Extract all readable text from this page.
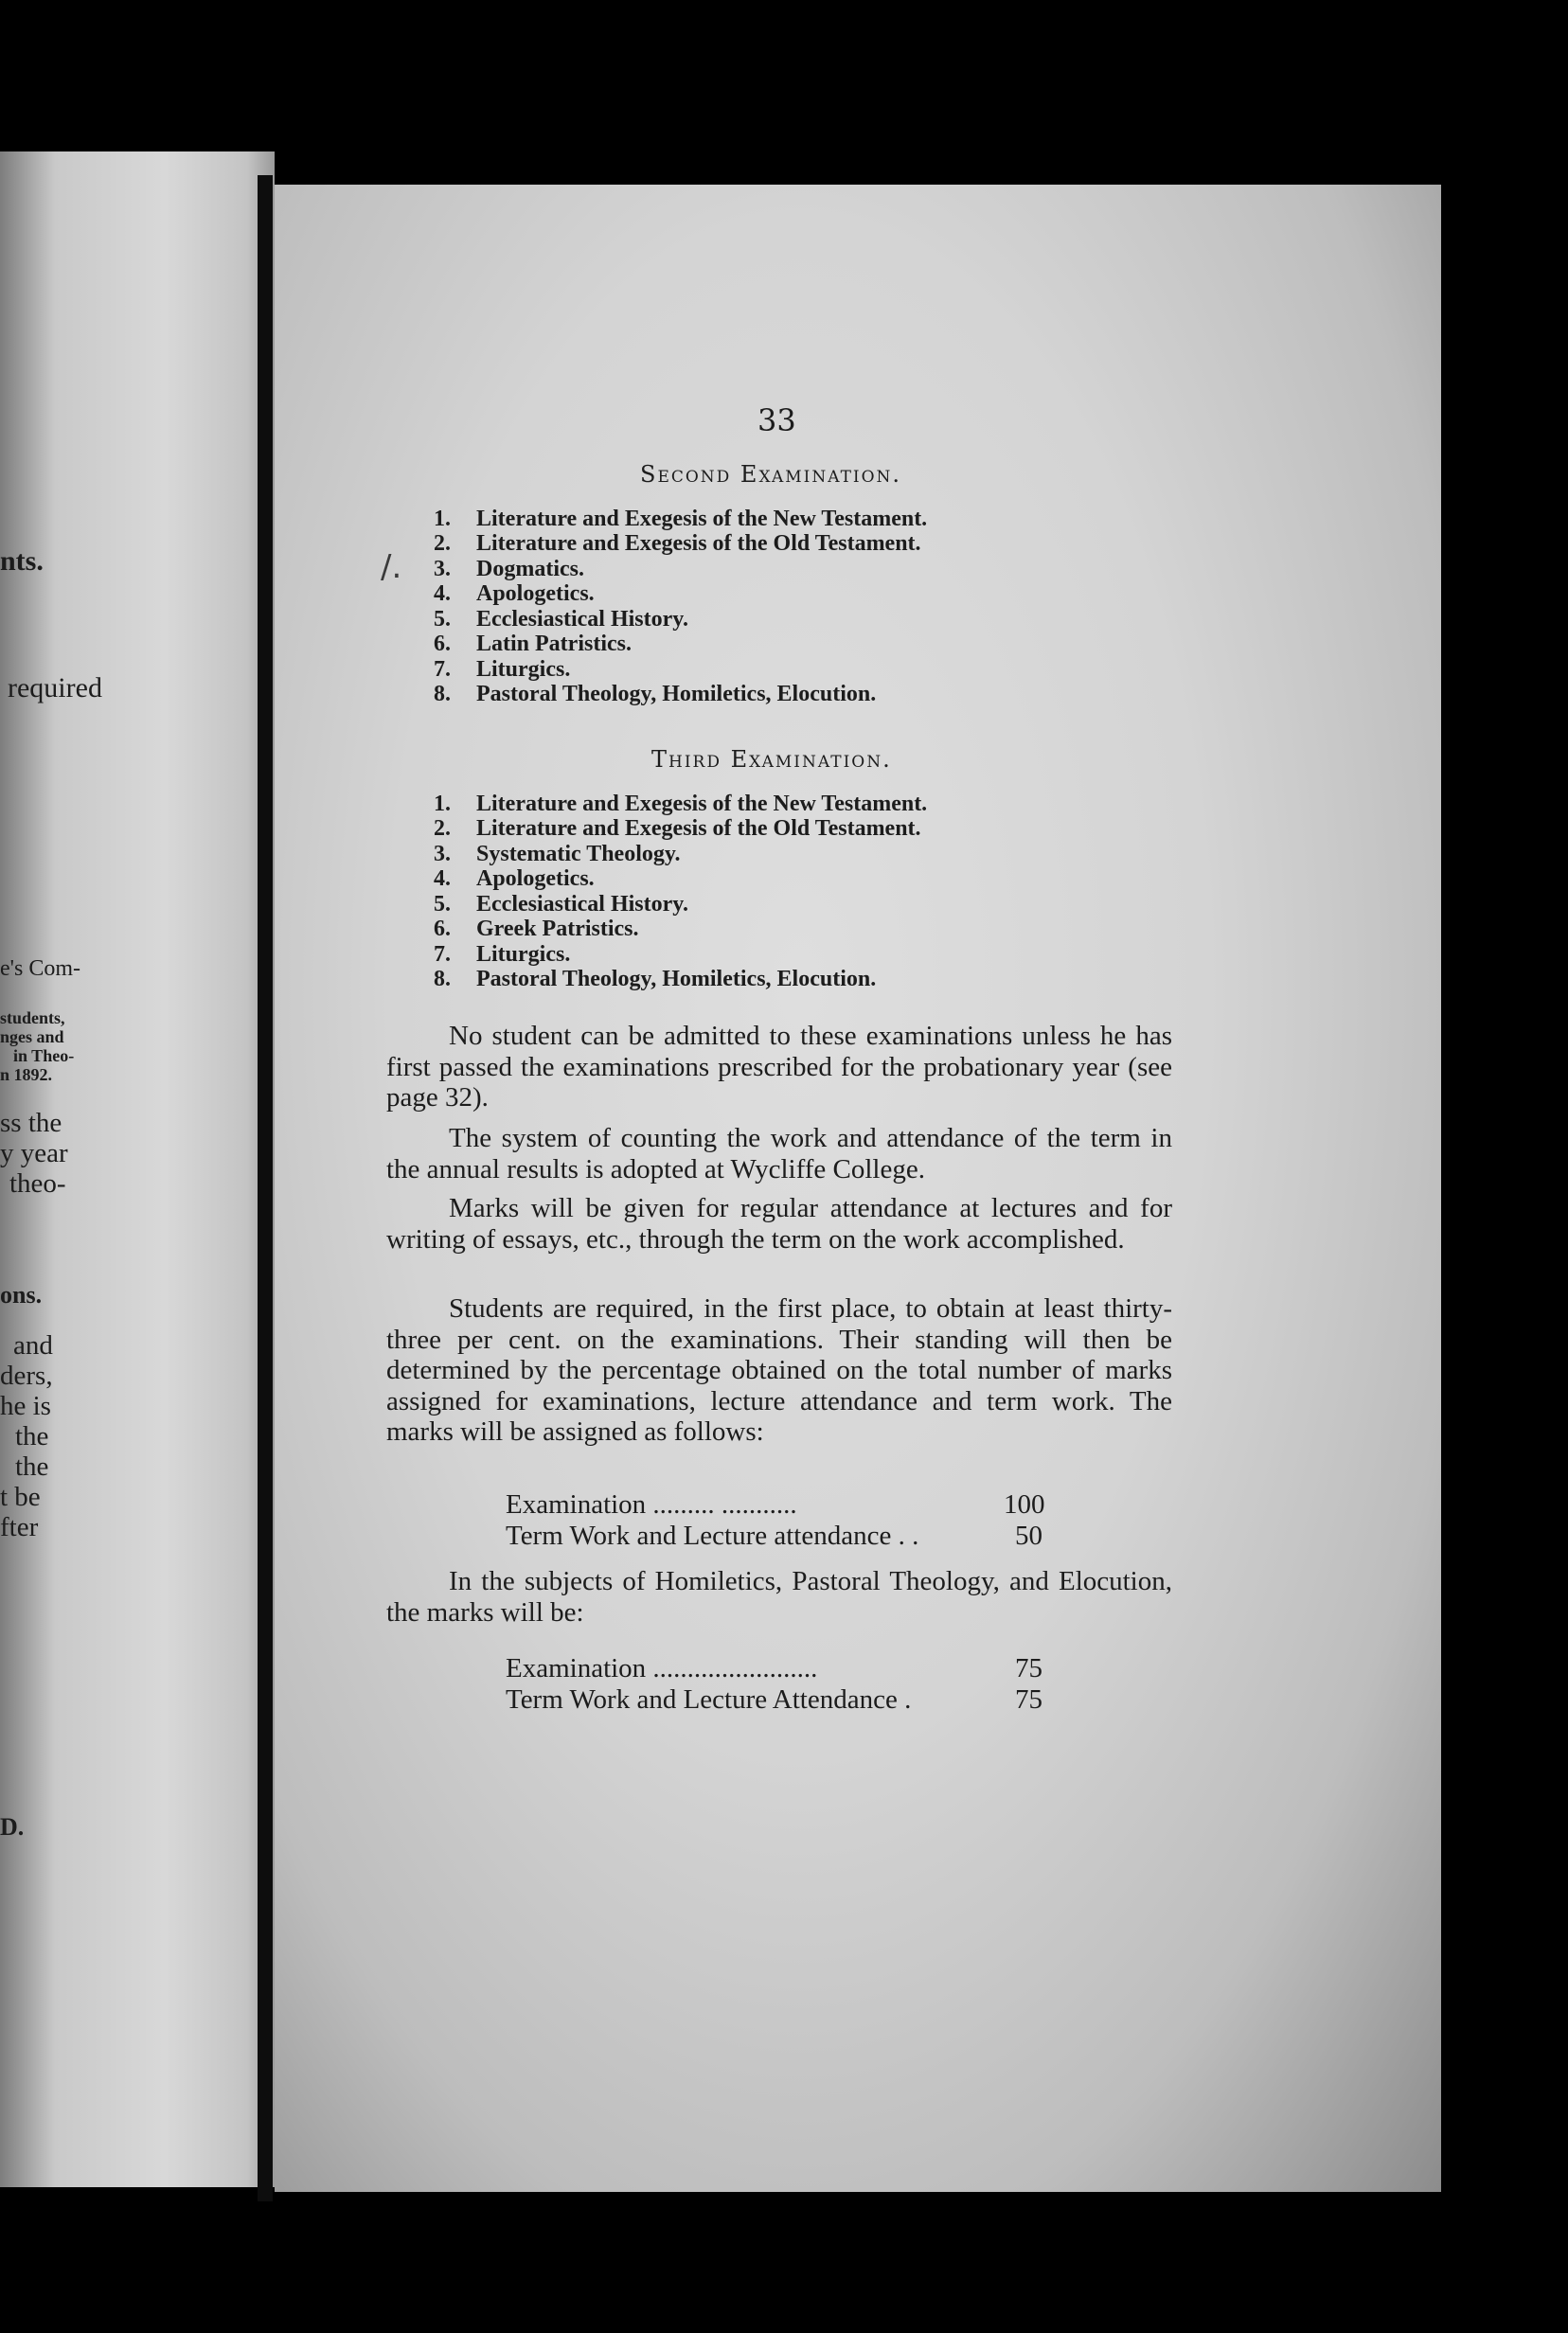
nts.
required
e's Com-
students,
nges and
in Theo-
n 1892.
ss the
y year
theo-
ons.
and
ders,
he is
the
the
t be
fter
D.
33
Second Examination.
/.
1.	Literature and Exegesis of the New Testament.
2.	Literature and Exegesis of the Old Testament.
3.	Dogmatics.
4.	Apologetics.
5.	Ecclesiastical History.
6.	Latin Patristics.
7.	Liturgics.
8.	Pastoral Theology, Homiletics, Elocution.
Third Examination.
1.	Literature and Exegesis of the New Testament.
2.	Literature and Exegesis of the Old Testament.
3.	Systematic Theology.
4.	Apologetics.
5.	Ecclesiastical History.
6.	Greek Patristics.
7.	Liturgics.
8.	Pastoral Theology, Homiletics, Elocution.
No student can be admitted to these examinations unless he has first passed the examinations prescribed for the probationary year (see page 32).
The system of counting the work and attendance of the term in the annual results is adopted at Wycliffe College.
Marks will be given for regular attendance at lectures and for writing of essays, etc., through the term on the work accomplished.
Students are required, in the first place, to obtain at least thirty-three per cent. on the examinations. Their standing will then be determined by the percentage obtained on the total number of marks assigned for examinations, lecture attendance and term work. The marks will be assigned as follows:
Examination ......... ...........	100
Term Work and Lecture attendance . .	50
In the subjects of Homiletics, Pastoral Theology, and Elocution, the marks will be:
Examination ........................	75
Term Work and Lecture Attendance .	75
